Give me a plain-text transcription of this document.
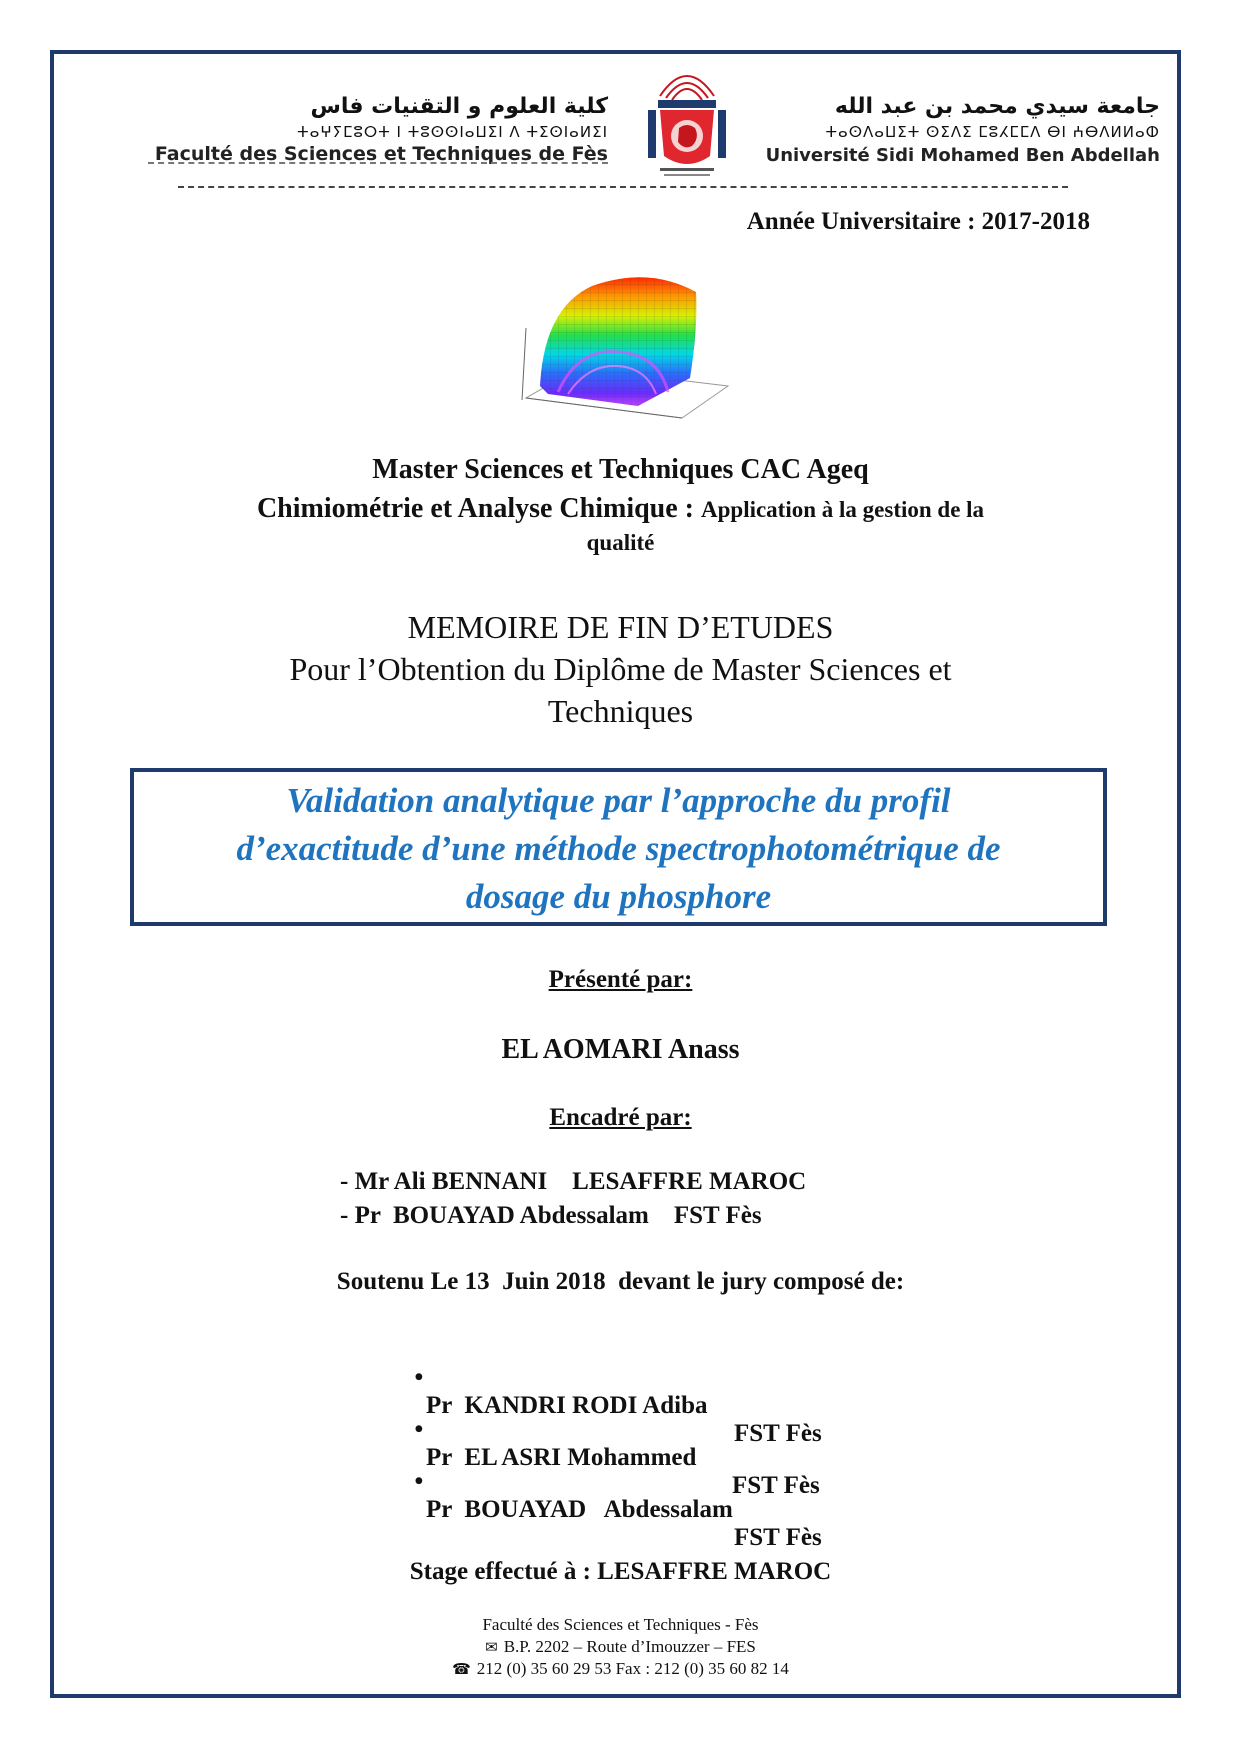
كلية العلوم و التقنيات فاس
ⵜⴰⵖⵢⵎⵓⵔⵜ ⵏ ⵜⵓⵙⵙⵏⴰⵡⵉⵏ ⴷ ⵜⵉⵙⵏⴰⵍⵉⵏ
Faculté des Sciences et Techniques de Fès
جامعة سيدي محمد بن عبد الله
ⵜⴰⵙⴷⴰⵡⵉⵜ ⵙⵉⴷⵉ ⵎⵓⵃⵎⵎⴷ ⴱⵏ ⵄⴱⴷⵍⵍⴰⵀ
Université Sidi Mohamed Ben Abdellah
Année Universitaire : 2017-2018
Master Sciences et Techniques CAC Ageq
Chimiométrie et Analyse Chimique : Application à la gestion de la
qualité
MEMOIRE DE FIN D’ETUDES
Pour l’Obtention du Diplôme de Master Sciences et
Techniques
Validation analytique par l’approche du profil
d’exactitude d’une méthode spectrophotométrique de
dosage du phosphore
Présenté par:
EL AOMARI Anass
Encadré par:
- Mr Ali BENNANI    LESAFFRE MAROC
- Pr  BOUAYAD Abdessalam    FST Fès
Soutenu Le 13  Juin 2018  devant le jury composé de:

•

Pr  KANDRI RODI Adiba

FST Fès

•

Pr  EL ASRI Mohammed

FST Fès

•

Pr  BOUAYAD   Abdessalam

FST Fès

Stage effectué à : LESAFFRE MAROC
Faculté des Sciences et Techniques - Fès
✉ B.P. 2202 – Route d’Imouzzer – FES
☎ 212 (0) 35 60 29 53 Fax : 212 (0) 35 60 82 14
